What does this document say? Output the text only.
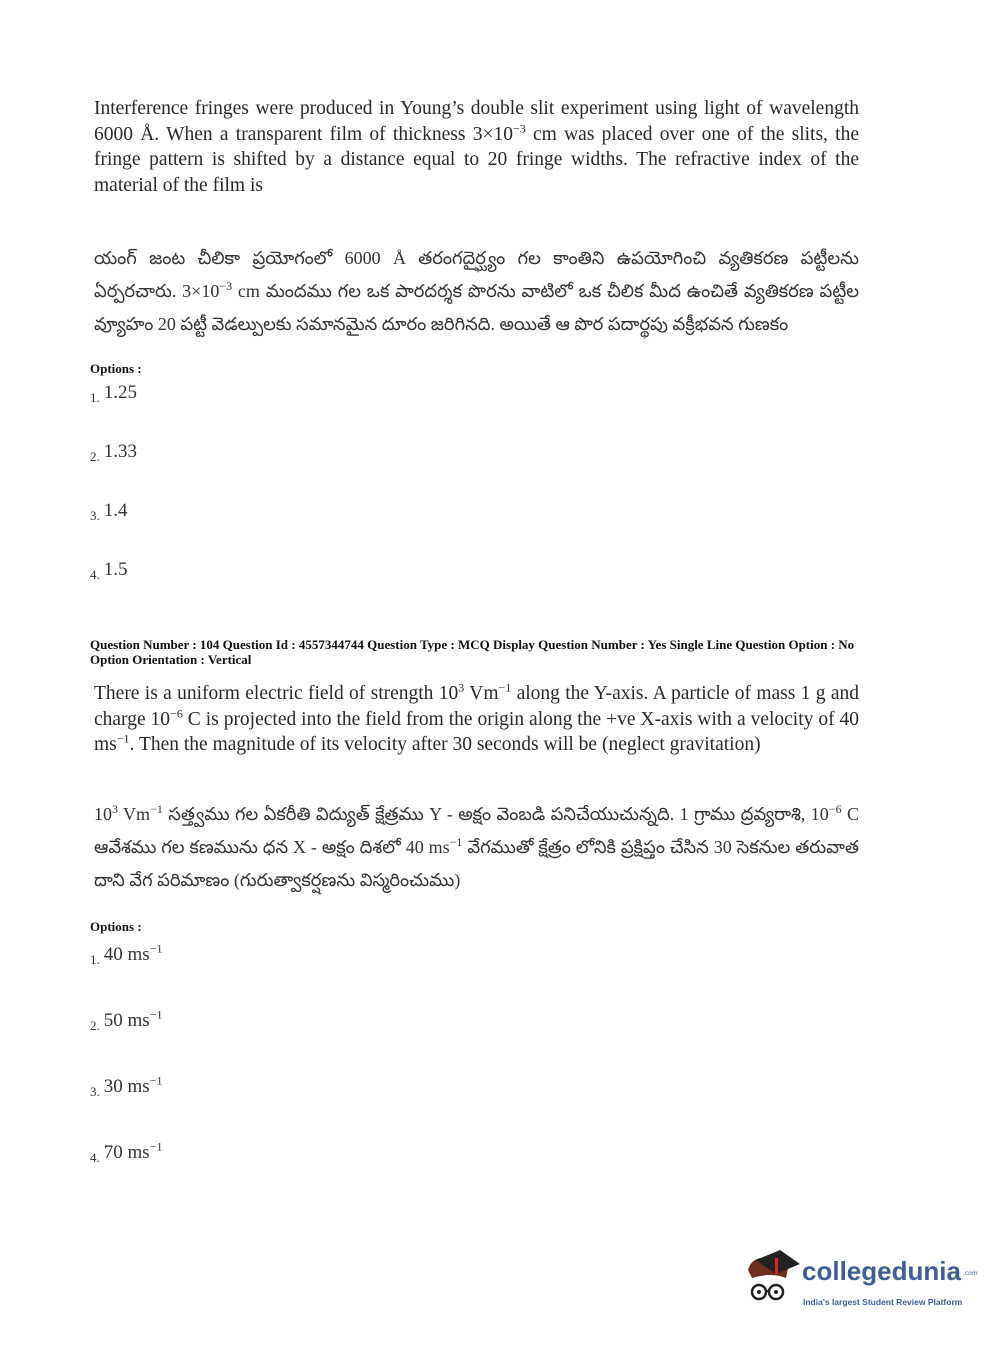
Interference fringes were produced in Young’s double slit experiment using light of wavelength 6000 Å. When a transparent film of thickness $3\times 10^{-3}$ cm was placed over one of the slits, the fringe pattern is shifted by a distance equal to 20 fringe widths. The refractive index of the material of the film is
యంగ్ జంట చీలికా ప్రయోగంలో 6000 Å తరంగదైర్ఘ్యం గల కాంతిని ఉపయోగించి వ్యతికరణ పట్టీలను ఏర్పరచారు. $3\times 10^{-3}$ cm మందము గల ఒక పారదర్శక పొరను వాటిలో ఒక చీలిక మీద ఉంచితే వ్యతికరణ పట్టీల వ్యూహం 20 పట్టీ వెడల్పులకు సమానమైన దూరం జరిగినది. అయితే ఆ పొర పదార్థపు వక్రీభవన గుణకం
Options :
$_{1.}$ 1.25
$_{2.}$ 1.33
$_{3.}$ 1.4
$_{4.}$ 1.5
Question Number : 104 Question Id : 4557344744 Question Type : MCQ Display Question Number : Yes Single Line Question Option : No Option Orientation : Vertical
There is a uniform electric field of strength $10^3$ $Vm^{-1}$ along the Y-axis. A particle of mass 1 g and charge $10^{-6}$ C is projected into the field from the origin along the +ve X-axis with a velocity of 40 $ms^{-1}$. Then the magnitude of its velocity after 30 seconds will be (neglect gravitation)
$10^3$ $Vm^{-1}$ సత్త్వము గల ఏకరీతి విద్యుత్ క్షేత్రము Y - అక్షం వెంబడి పనిచేయుచున్నది. 1 గ్రాము ద్రవ్యరాశి, $10^{-6}$ C ఆవేశము గల కణమును ధన X - అక్షం దిశలో 40 $ms^{-1}$ వేగముతో క్షేత్రం లోనికి ప్రక్షిప్తం చేసిన 30 సెకనుల తరువాత దాని వేగ పరిమాణం (గురుత్వాకర్షణను విస్మరించుము)
Options :
$_{1.}$ 40 $ms^{-1}$
$_{2.}$ 50 $ms^{-1}$
$_{3.}$ 30 $ms^{-1}$
$_{4.}$ 70 $ms^{-1}$
collegedunia .com
India's largest Student Review Platform
